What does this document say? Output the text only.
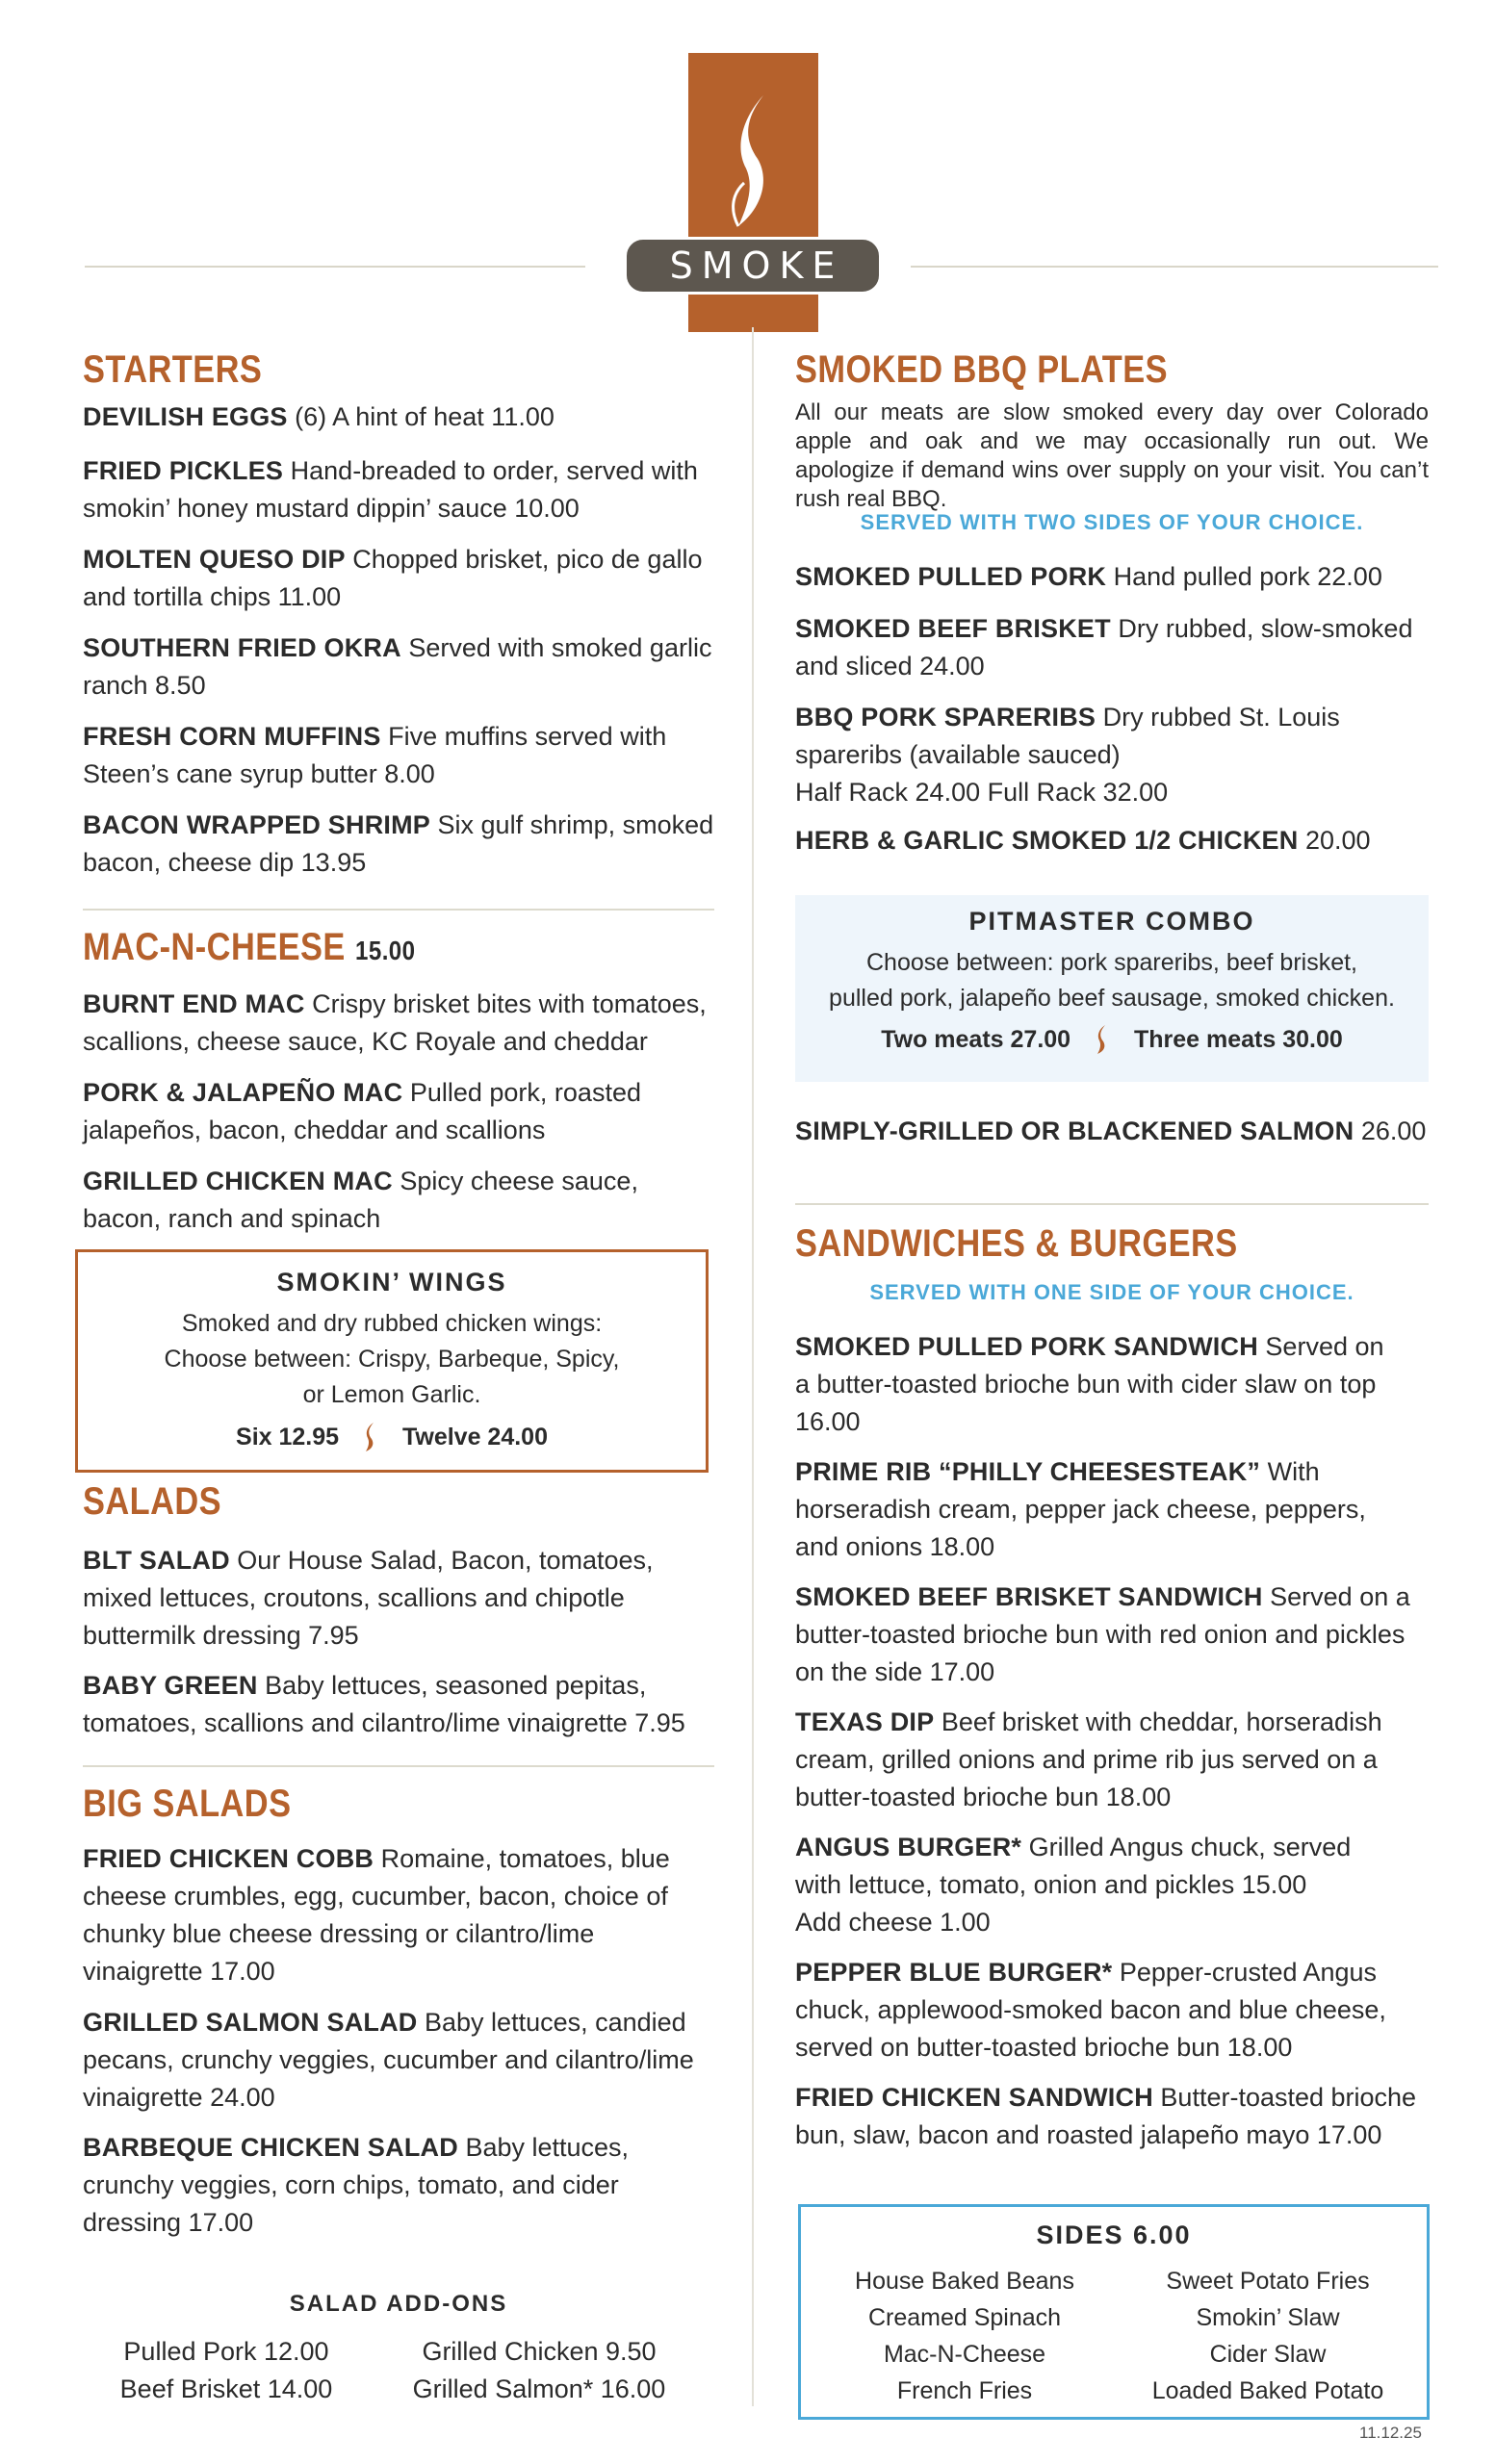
SMOKE
STARTERS
DEVILISH EGGS (6) A hint of heat 11.00
FRIED PICKLES Hand-breaded to order, served with smokin’ honey mustard dippin’ sauce 10.00
MOLTEN QUESO DIP Chopped brisket, pico de gallo and tortilla chips 11.00
SOUTHERN FRIED OKRA Served with smoked garlic ranch 8.50
FRESH CORN MUFFINS Five muffins served with Steen’s cane syrup butter 8.00
BACON WRAPPED SHRIMP Six gulf shrimp, smoked bacon, cheese dip 13.95
MAC-N-CHEESE 15.00
BURNT END MAC Crispy brisket bites with tomatoes, scallions, cheese sauce, KC Royale and cheddar
PORK & JALAPEÑO MAC Pulled pork, roasted jalapeños, bacon, cheddar and scallions
GRILLED CHICKEN MAC Spicy cheese sauce, bacon, ranch and spinach
SMOKIN’ WINGS
Smoked and dry rubbed chicken wings:
Choose between: Crispy, Barbeque, Spicy,
or Lemon Garlic.
Six 12.95	Twelve 24.00
SALADS
BLT SALAD Our House Salad, Bacon, tomatoes, mixed lettuces, croutons, scallions and chipotle buttermilk dressing 7.95
BABY GREEN Baby lettuces, seasoned pepitas, tomatoes, scallions and cilantro/lime vinaigrette 7.95
BIG SALADS
FRIED CHICKEN COBB Romaine, tomatoes, blue cheese crumbles, egg, cucumber, bacon, choice of chunky blue cheese dressing or cilantro/lime vinaigrette 17.00
GRILLED SALMON SALAD Baby lettuces, candied pecans, crunchy veggies, cucumber and cilantro/lime vinaigrette 24.00
BARBEQUE CHICKEN SALAD Baby lettuces, crunchy veggies, corn chips, tomato, and cider dressing 17.00
SALAD ADD-ONS
Pulled Pork 12.00
Beef Brisket 14.00
Grilled Chicken 9.50
Grilled Salmon* 16.00
SMOKED BBQ PLATES
All our meats are slow smoked every day over Colorado apple and oak and we may occasionally run out. We apologize if demand wins over supply on your visit. You can’t rush real BBQ.
SERVED WITH TWO SIDES OF YOUR CHOICE.
SMOKED PULLED PORK Hand pulled pork 22.00
SMOKED BEEF BRISKET Dry rubbed, slow-smoked and sliced 24.00
BBQ PORK SPARERIBS Dry rubbed St. Louis spareribs (available sauced)
Half Rack 24.00 Full Rack 32.00
HERB & GARLIC SMOKED 1/2 CHICKEN 20.00
PITMASTER COMBO
Choose between: pork spareribs, beef brisket,
pulled pork, jalapeño beef sausage, smoked chicken.
Two meats 27.00	Three meats 30.00
SIMPLY-GRILLED OR BLACKENED SALMON 26.00
SANDWICHES & BURGERS
SERVED WITH ONE SIDE OF YOUR CHOICE.
SMOKED PULLED PORK SANDWICH Served on a butter-toasted brioche bun with cider slaw on top 16.00
PRIME RIB “PHILLY CHEESESTEAK” With horseradish cream, pepper jack cheese, peppers, and onions 18.00
SMOKED BEEF BRISKET SANDWICH Served on a butter-toasted brioche bun with red onion and pickles on the side 17.00
TEXAS DIP Beef brisket with cheddar, horseradish cream, grilled onions and prime rib jus served on a butter-toasted brioche bun 18.00
ANGUS BURGER* Grilled Angus chuck, served with lettuce, tomato, onion and pickles 15.00
Add cheese 1.00
PEPPER BLUE BURGER* Pepper-crusted Angus chuck, applewood-smoked bacon and blue cheese, served on butter-toasted brioche bun 18.00
FRIED CHICKEN SANDWICH Butter-toasted brioche bun, slaw, bacon and roasted jalapeño mayo 17.00
SIDES 6.00
House Baked Beans
Creamed Spinach
Mac-N-Cheese
French Fries
Sweet Potato Fries
Smokin’ Slaw
Cider Slaw
Loaded Baked Potato
11.12.25
